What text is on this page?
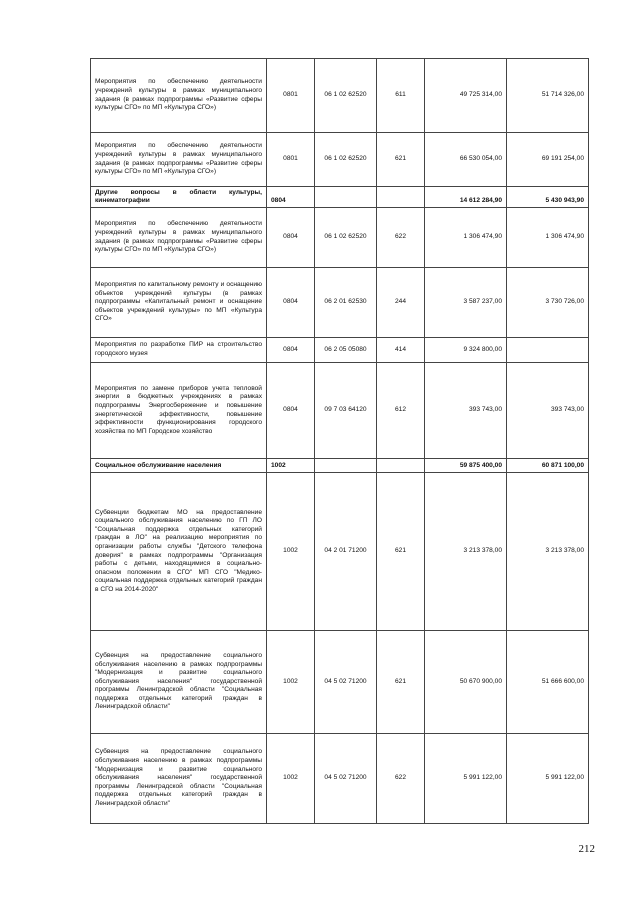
Мероприятия по обеспечению деятельности учреждений культуры в рамках муниципального задания (в рамках подпрограммы «Развитие сферы культуры СГО» по МП «Культура СГО»)	0801	06 1 02 62520	611	49 725 314,00	51 714 326,00
Мероприятия по обеспечению деятельности учреждений культуры в рамках муниципального задания (в рамках подпрограммы «Развитие сферы культуры СГО» по МП «Культура СГО»)	0801	06 1 02 62520	621	66 530 054,00	69 191 254,00
Другие вопросы в области культуры, кинематографии	0804			14 612 284,90	5 430 943,90
Мероприятия по обеспечению деятельности учреждений культуры в рамках муниципального задания (в рамках подпрограммы «Развитие сферы культуры СГО» по МП «Культура СГО»)	0804	06 1 02 62520	622	1 306 474,90	1 306 474,90
Мероприятия по капитальному ремонту и оснащению объектов учреждений культуры (в рамках подпрограммы «Капитальный ремонт и оснащение объектов учреждений культуры» по МП «Культура СГО»	0804	06 2 01 62530	244	3 587 237,00	3 730 726,00
Мероприятия по разработке ПИР на строительство городского музея	0804	06 2 05 05080	414	9 324 800,00	
Мероприятия по замене приборов учета тепловой энергии в бюджетных учреждениях в рамках подпрограммы Энергосбережение и повышение энергетической эффективности, повышение эффективности функционирования городского хозяйства по МП Городское хозяйство	0804	09 7 03 64120	612	393 743,00	393 743,00
Социальное обслуживание населения	1002			59 875 400,00	60 871 100,00
Субвенции бюджетам МО на предоставление социального обслуживания населению по ГП ЛО "Социальная поддержка отдельных категорий граждан в ЛО" на реализацию мероприятия по организации работы службы "Детского телефона доверия" в рамках подпрограммы "Организация работы с детьми, находящимися в социально-опасном положении в СГО" МП СГО "Медико-социальная поддержка отдельных категорий граждан в СГО на 2014-2020"	1002	04 2 01 71200	621	3 213 378,00	3 213 378,00
Субвенция на предоставление социального обслуживания населению в рамках подпрограммы "Модернизация и развитие социального обслуживания населения" государственной программы Ленинградской области "Социальная поддержка отдельных категорий граждан в Ленинградской области"	1002	04 5 02 71200	621	50 670 900,00	51 666 600,00
Субвенция на предоставление социального обслуживания населению в рамках подпрограммы "Модернизация и развитие социального обслуживания населения" государственной программы Ленинградской области "Социальная поддержка отдельных категорий граждан в Ленинградской области"	1002	04 5 02 71200	622	5 991 122,00	5 991 122,00
212
